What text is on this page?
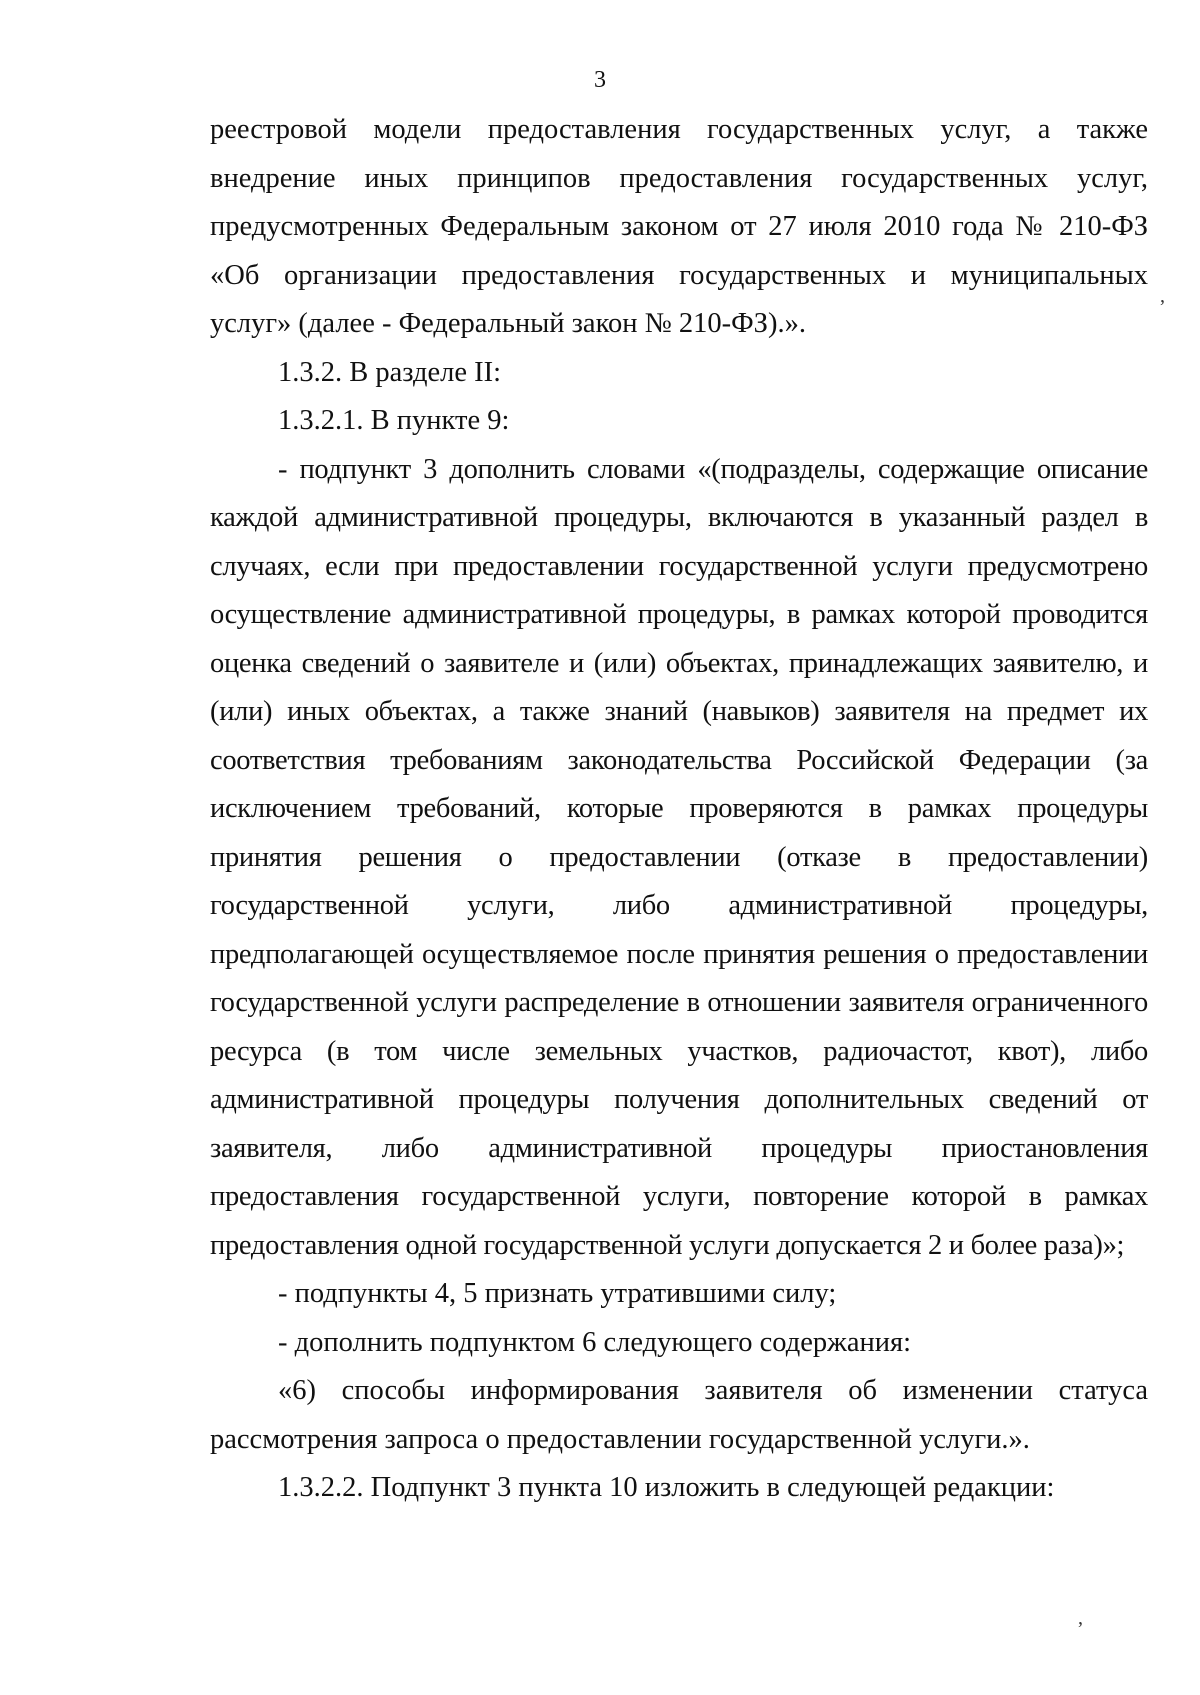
3

реестровой модели предоставления государственных услуг, а также внедрение иных принципов предоставления государственных услуг, предусмотренных Федеральным законом от 27 июля 2010 года № 210-ФЗ «Об организации предоставления государственных и муниципальных услуг» (далее - Федеральный закон № 210-ФЗ).».

1.3.2. В разделе II:

1.3.2.1. В пункте 9:

- подпункт 3 дополнить словами «(подразделы, содержащие описание каждой административной процедуры, включаются в указанный раздел в случаях, если при предоставлении государственной услуги предусмотрено осуществление административной процедуры, в рамках которой проводится оценка сведений о заявителе и (или) объектах, принадлежащих заявителю, и (или) иных объектах, а также знаний (навыков) заявителя на предмет их соответствия требованиям законодательства Российской Федерации (за исключением требований, которые проверяются в рамках процедуры принятия решения о предоставлении (отказе в предоставлении) государственной услуги, либо административной процедуры, предполагающей осуществляемое после принятия решения о предоставлении государственной услуги распределение в отношении заявителя ограниченного ресурса (в том числе земельных участков, радиочастот, квот), либо административной процедуры получения дополнительных сведений от заявителя, либо административной процедуры приостановления предоставления государственной услуги, повторение которой в рамках предоставления одной государственной услуги допускается 2 и более раза)»;

- подпункты 4, 5 признать утратившими силу;

- дополнить подпунктом 6 следующего содержания:

«6) способы информирования заявителя об изменении статуса рассмотрения запроса о предоставлении государственной услуги.».

1.3.2.2. Подпункт 3 пункта 10 изложить в следующей редакции:

,
,
